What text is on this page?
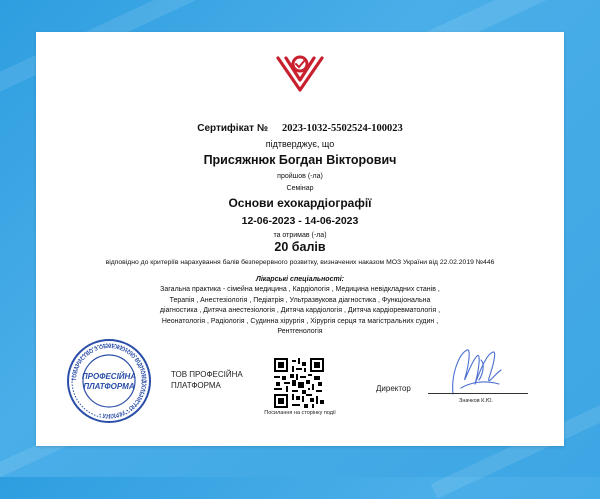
Сертифікат № 2023-1032-5502524-100023
підтверджує, що
Присяжнюк Богдан Вікторович
пройшов (-ла)
Семінар
Основи ехокардіографії
12-06-2023 - 14-06-2023
та отримав (-ла)
20 балів
відповідно до критеріїв нарахування балів безперервного розвитку, визначених наказом МОЗ України від 22.02.2019 №446
Лікарські спеціальності:
Загальна практика - сімейна медицина , Кардіологія , Медицина невідкладних станів ,
Терапія , Анестезіологія , Педіатрія , Ультразвукова діагностика , Функціональна
діагностика , Дитяча анестезіологія , Дитяча кардіологія , Дитяча кардіоревматологія ,
Неонатологія , Радіологія , Судинна хірургія , Хірургія серця та магістральних судин ,
Рентгенологія
ТОВАРИСТВО З ОБМЕЖЕНОЮ ВІДПОВІДАЛЬНІСТЮ • УКРАЇНА •
ПРОФЕСІЙНА
ПЛАТФОРМА
ТОВ ПРОФЕСІЙНА ПЛАТФОРМА
Посилання на сторінку події
Директор
Значков К.Ю.
